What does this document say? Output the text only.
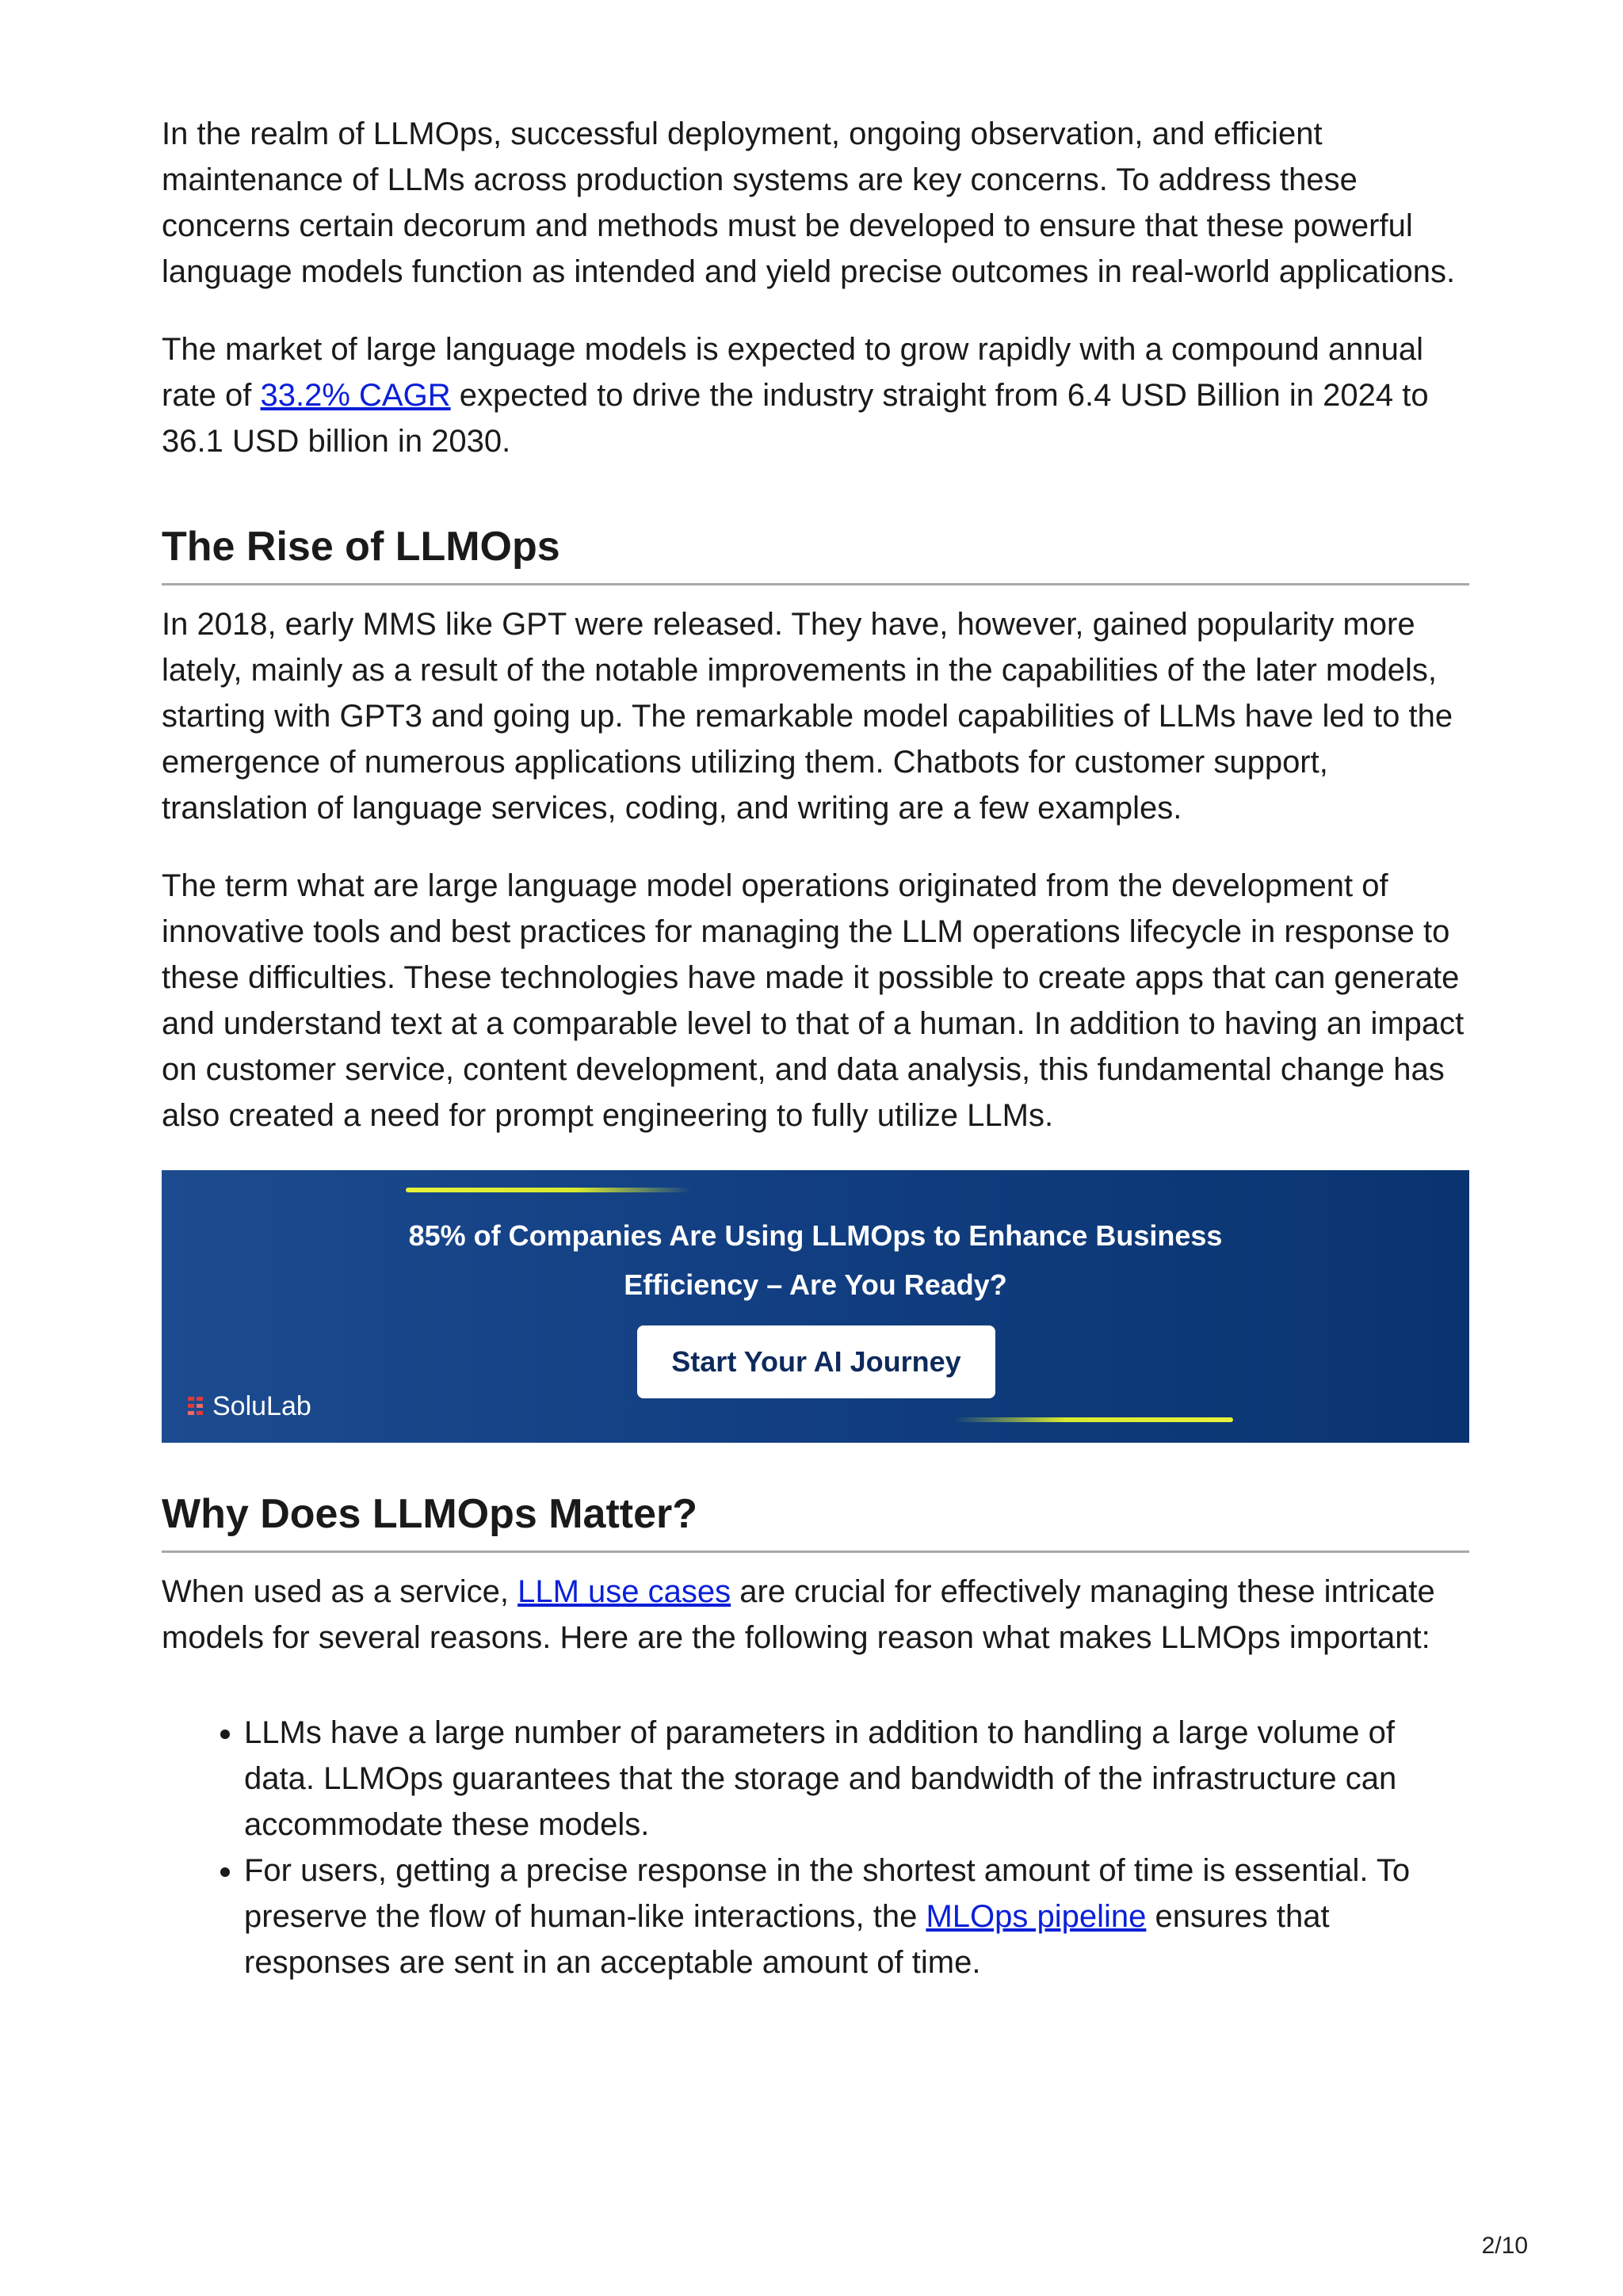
In the realm of LLMOps, successful deployment, ongoing observation, and efficient maintenance of LLMs across production systems are key concerns. To address these concerns certain decorum and methods must be developed to ensure that these powerful language models function as intended and yield precise outcomes in real-world applications.

The market of large language models is expected to grow rapidly with a compound annual rate of 33.2% CAGR expected to drive the industry straight from 6.4 USD Billion in 2024 to 36.1 USD billion in 2030.

The Rise of LLMOps

In 2018, early MMS like GPT were released. They have, however, gained popularity more lately, mainly as a result of the notable improvements in the capabilities of the later models, starting with GPT3 and going up. The remarkable model capabilities of LLMs have led to the emergence of numerous applications utilizing them. Chatbots for customer support, translation of language services, coding, and writing are a few examples.

The term what are large language model operations originated from the development of innovative tools and best practices for managing the LLM operations lifecycle in response to these difficulties. These technologies have made it possible to create apps that can generate and understand text at a comparable level to that of a human. In addition to having an impact on customer service, content development, and data analysis, this fundamental change has also created a need for prompt engineering to fully utilize LLMs.

85% of Companies Are Using LLMOps to Enhance Business
Efficiency – Are You Ready?
Start Your AI Journey
SoluLab
Why Does LLMOps Matter?

When used as a service, LLM use cases are crucial for effectively managing these intricate models for several reasons. Here are the following reason what makes LLMOps important:

• LLMs have a large number of parameters in addition to handling a large volume of data. LLMOps guarantees that the storage and bandwidth of the infrastructure can accommodate these models.
• For users, getting a precise response in the shortest amount of time is essential. To preserve the flow of human-like interactions, the MLOps pipeline ensures that responses are sent in an acceptable amount of time.
2/10
